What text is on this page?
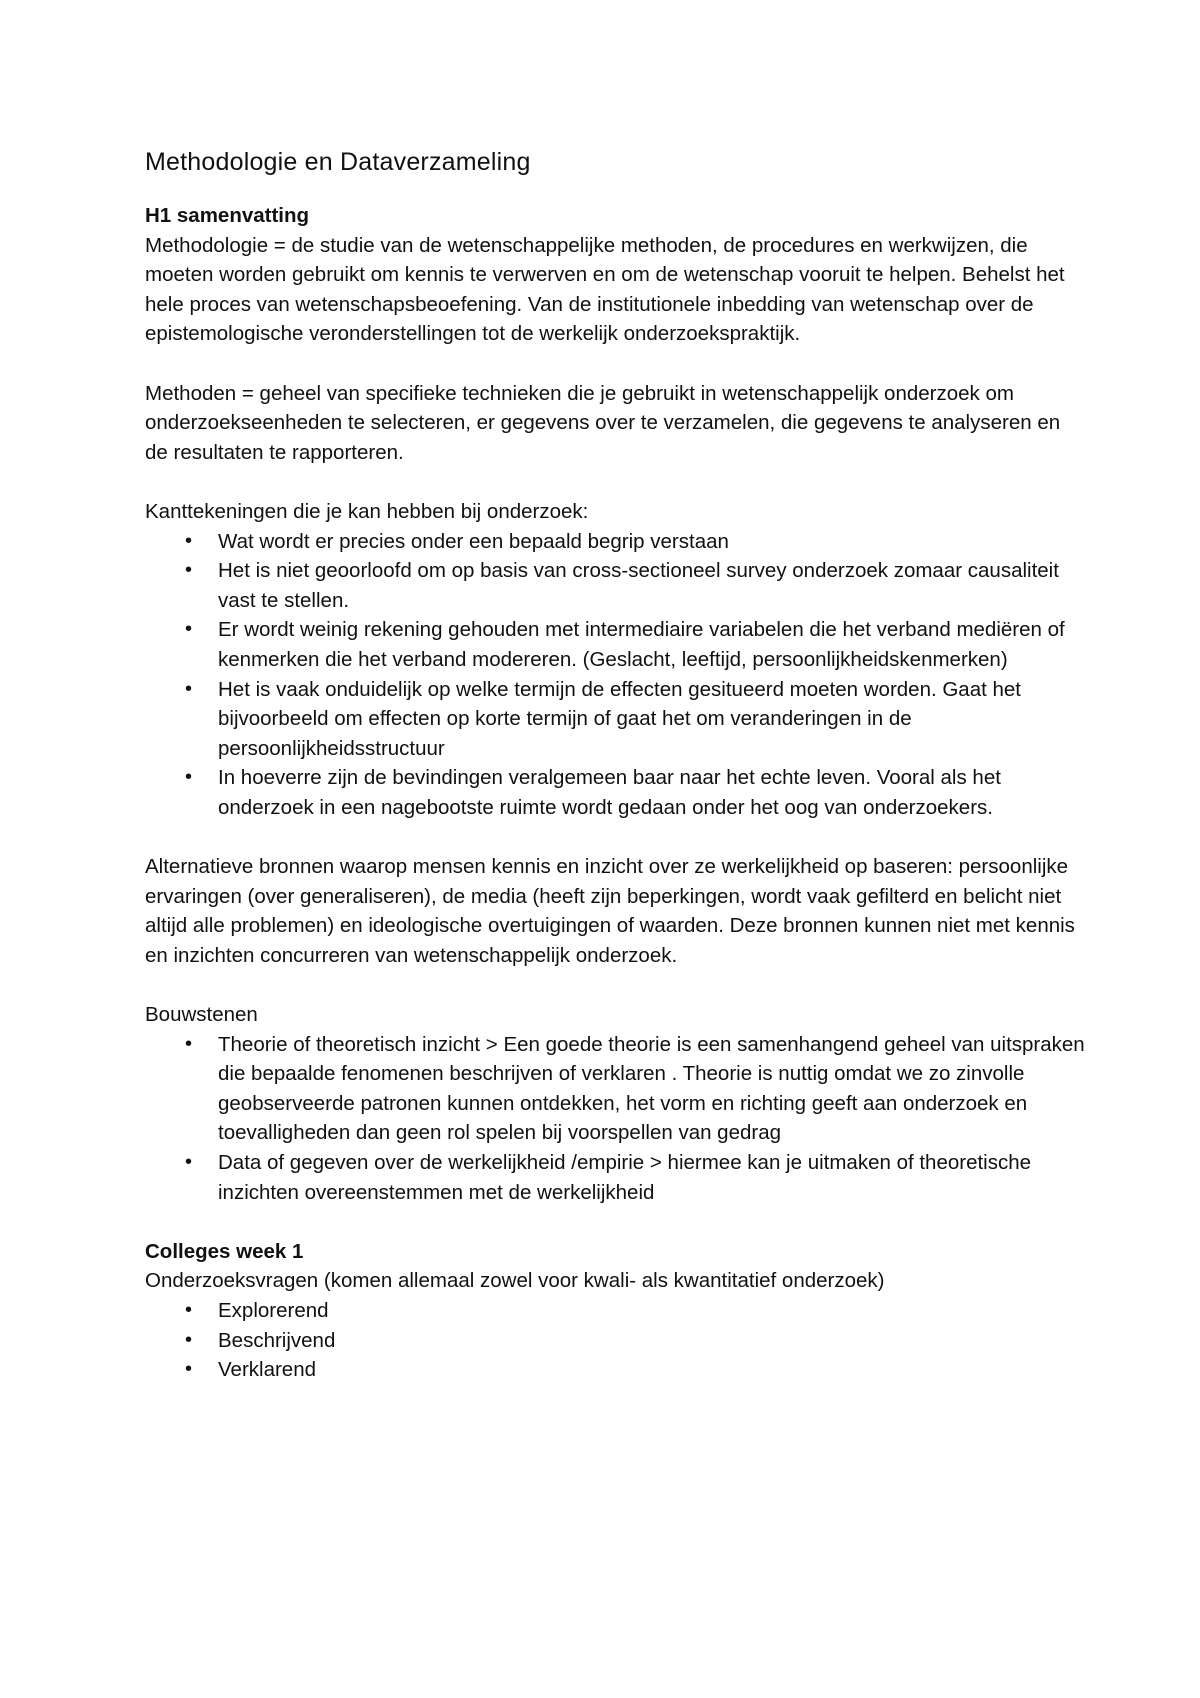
Methodologie en Dataverzameling

H1 samenvatting

Methodologie = de studie van de wetenschappelijke methoden, de procedures en werkwijzen, die moeten worden gebruikt om kennis te verwerven en om de wetenschap vooruit te helpen. Behelst het hele proces van wetenschapsbeoefening. Van de institutionele inbedding van wetenschap over de epistemologische veronderstellingen tot de werkelijk onderzoekspraktijk.

Methoden = geheel van specifieke technieken die je gebruikt in wetenschappelijk onderzoek om onderzoekseenheden te selecteren, er gegevens over te verzamelen, die gegevens te analyseren en de resultaten te rapporteren.

Kanttekeningen die je kan hebben bij onderzoek:

• Wat wordt er precies onder een bepaald begrip verstaan
• Het is niet geoorloofd om op basis van cross-sectioneel survey onderzoek zomaar causaliteit vast te stellen.
• Er wordt weinig rekening gehouden met intermediaire variabelen die het verband mediëren of kenmerken die het verband modereren. (Geslacht, leeftijd, persoonlijkheidskenmerken)
• Het is vaak onduidelijk op welke termijn de effecten gesitueerd moeten worden. Gaat het bijvoorbeeld om effecten op korte termijn of gaat het om veranderingen in de persoonlijkheidsstructuur
• In hoeverre zijn de bevindingen veralgemeen baar naar het echte leven. Vooral als het onderzoek in een nagebootste ruimte wordt gedaan onder het oog van onderzoekers.

Alternatieve bronnen waarop mensen kennis en inzicht over ze werkelijkheid op baseren: persoonlijke ervaringen (over generaliseren), de media (heeft zijn beperkingen, wordt vaak gefilterd en belicht niet altijd alle problemen) en ideologische overtuigingen of waarden. Deze bronnen kunnen niet met kennis en inzichten concurreren van wetenschappelijk onderzoek.

Bouwstenen

• Theorie of theoretisch inzicht > Een goede theorie is een samenhangend geheel van uitspraken die bepaalde fenomenen beschrijven of verklaren . Theorie is nuttig omdat we zo zinvolle geobserveerde patronen kunnen ontdekken, het vorm en richting geeft aan onderzoek en toevalligheden dan geen rol spelen bij voorspellen van gedrag
• Data of gegeven over de werkelijkheid /empirie > hiermee kan je uitmaken of theoretische inzichten overeenstemmen met de werkelijkheid

Colleges week 1

Onderzoeksvragen (komen allemaal zowel voor kwali- als kwantitatief onderzoek)

• Explorerend
• Beschrijvend
• Verklarend
